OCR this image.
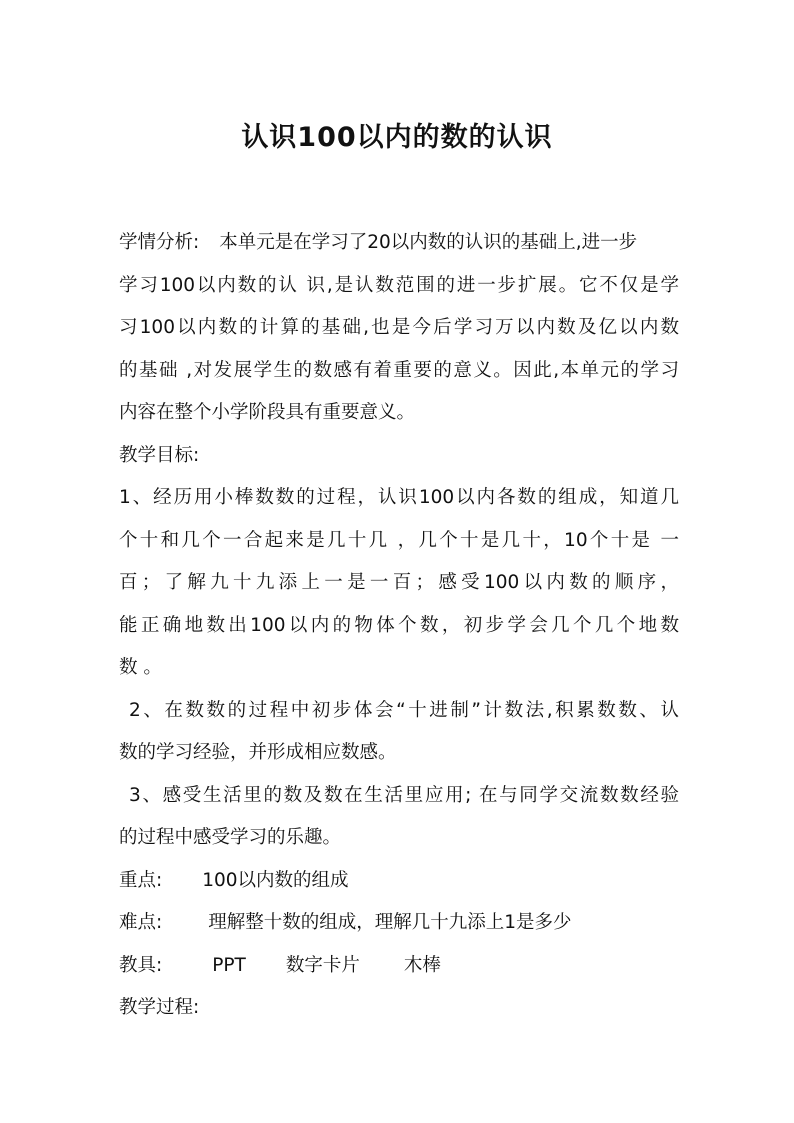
认识100以内的数的认识
学情分析: 本单元是在学习了20以内数的认识的基础上,进一步
学习100以内数的认 识,是认数范围的进一步扩展。它不仅是学
习100以内数的计算的基础,也是今后学习万以内数及亿以内数
的基础 ,对发展学生的数感有着重要的意义。因此,本单元的学习
内容在整个小学阶段具有重要意义。
教学目标:
1、经历用小棒数数的过程，认识100以内各数的组成，知道几
个十和几个一合起来是几十几 ，几个十是几十，10个十是 一
百；了解九十九添上一是一百；感受100以内数的顺序，
能正确地数出100以内的物体个数，初步学会几个几个地数
数 。
2、在数数的过程中初步体会“十进制”计数法,积累数数、认
数的学习经验，并形成相应数感。
3、感受生活里的数及数在生活里应用; 在与同学交流数数经验
的过程中感受学习的乐趣。
重点: 100以内数的组成
难点: 理解整十数的组成，理解几十九添上1是多少
教具:	PPT 数字卡片 木棒
教学过程:
